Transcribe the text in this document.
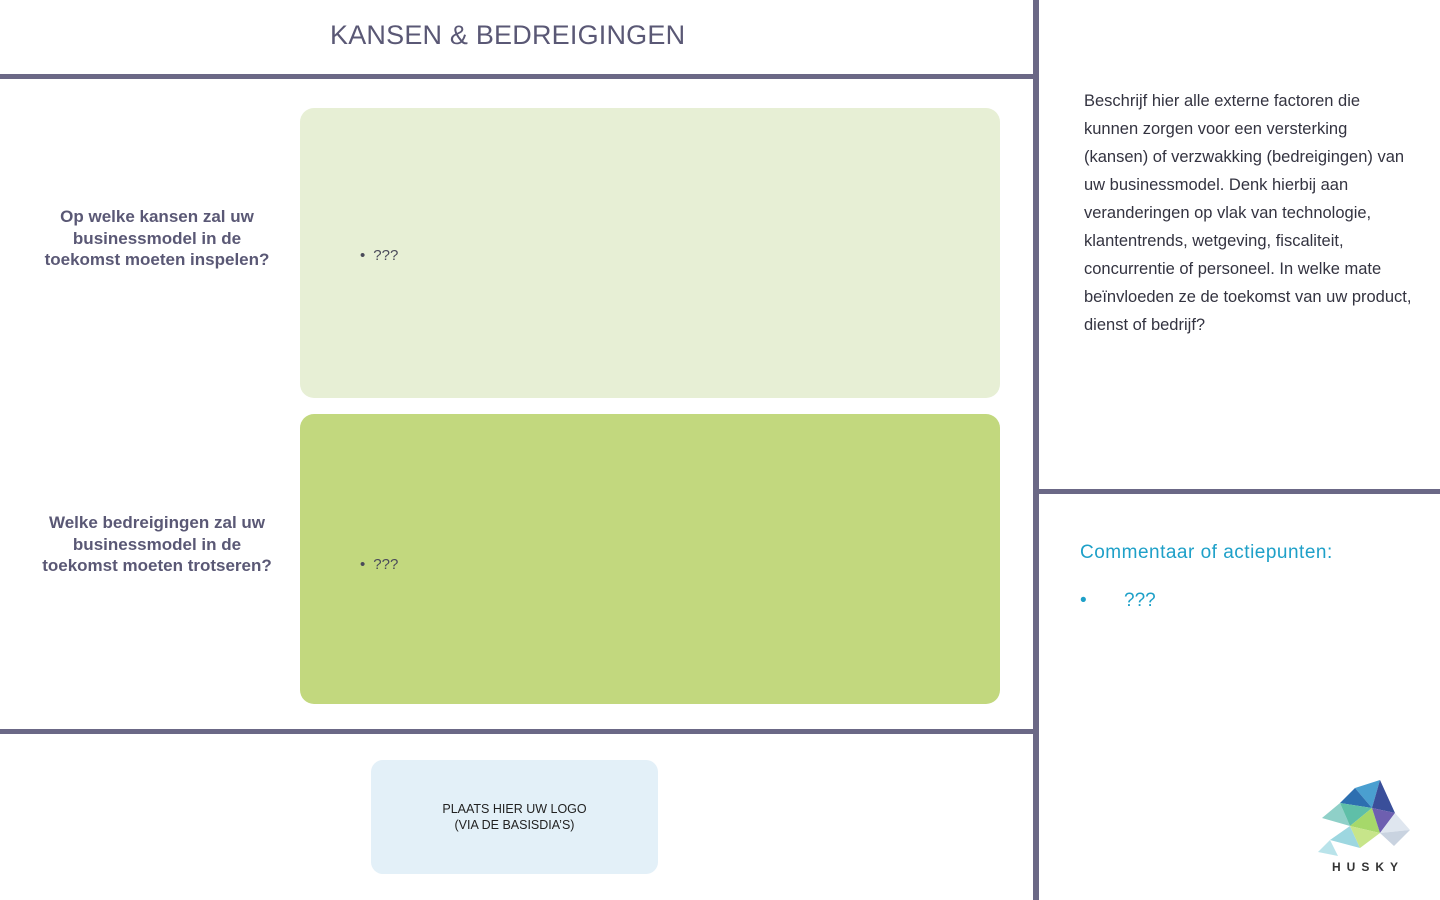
KANSEN & BEDREIGINGEN
Op welke kansen zal uw businessmodel in de toekomst moeten inspelen?
Welke bedreigingen zal uw businessmodel in de toekomst moeten trotseren?
• ???
• ???
Beschrijf hier alle externe factoren die kunnen zorgen voor een versterking (kansen) of verzwakking (bedreigingen) van uw businessmodel. Denk hierbij aan veranderingen op vlak van technologie, klantentrends, wetgeving, fiscaliteit, concurrentie of personeel. In welke mate beïnvloeden ze de toekomst van uw product, dienst of bedrijf?
Commentaar of actiepunten:
• ???
PLAATS HIER UW LOGO
(VIA DE BASISDIA’S)
HUSKY
